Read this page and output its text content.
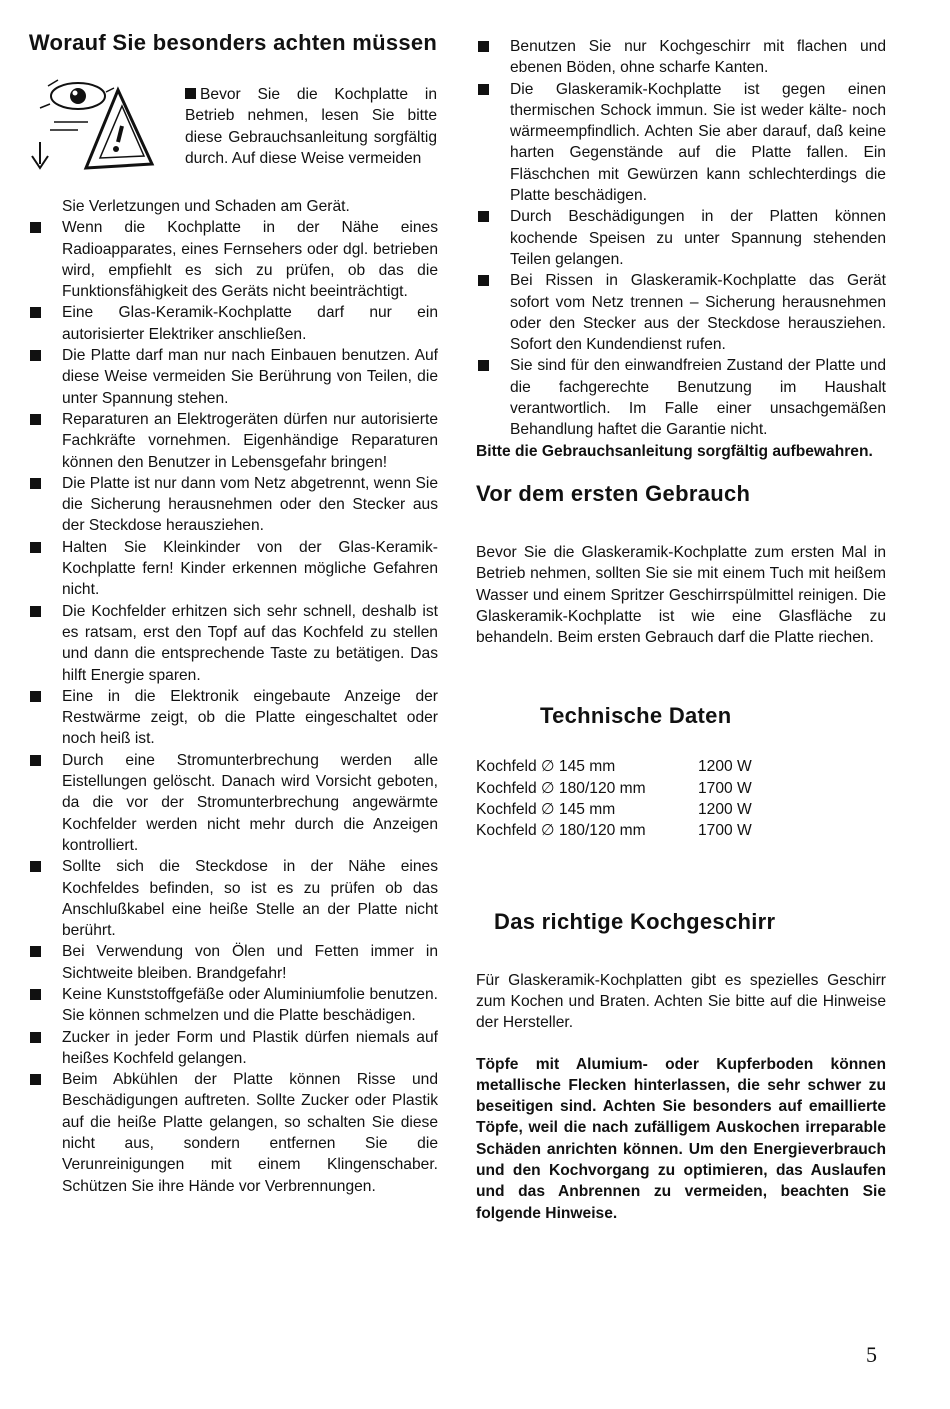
Worauf Sie besonders achten müssen
Bevor Sie die Kochplatte in Betrieb nehmen, lesen Sie bitte diese Gebrauchsanleitung sorgfältig durch. Auf diese Weise vermeiden
Sie Verletzungen und Schaden am Gerät.
Wenn die Kochplatte in der Nähe eines Radioapparates, eines Fernsehers oder dgl. betrieben wird, empfiehlt es sich zu prüfen, ob das die Funktionsfähigkeit des Geräts nicht beeinträchtigt.
Eine Glas-Keramik-Kochplatte darf nur ein autorisierter Elektriker anschließen.
Die Platte darf man nur nach Einbauen benutzen. Auf diese Weise vermeiden Sie Berührung von Teilen, die unter Spannung stehen.
Reparaturen an Elektrogeräten dürfen nur autorisierte Fachkräfte vornehmen. Eigenhändige Reparaturen können den Benutzer in Lebensgefahr bringen!
Die Platte ist nur dann vom Netz abgetrennt, wenn Sie die Sicherung herausnehmen oder den Stecker aus der Steckdose herausziehen.
Halten Sie Kleinkinder von der Glas-Keramik-Kochplatte fern! Kinder erkennen mögliche Gefahren nicht.
Die Kochfelder erhitzen sich sehr schnell, deshalb ist es ratsam, erst den Topf auf das Kochfeld zu stellen und dann die entsprechende Taste zu betätigen. Das hilft Energie sparen.
Eine in die Elektronik eingebaute Anzeige der Restwärme zeigt, ob die Platte eingeschaltet oder noch heiß ist.
Durch eine Stromunterbrechung werden alle Eistellungen gelöscht. Danach wird Vorsicht geboten, da die vor der Stromunterbrechung angewärmte Kochfelder werden nicht mehr durch die Anzeigen kontrolliert.
Sollte sich die Steckdose in der Nähe eines Kochfeldes befinden, so ist es zu prüfen ob das Anschlußkabel eine heiße Stelle an der Platte nicht berührt.
Bei Verwendung von Ölen und Fetten immer in Sichtweite bleiben. Brandgefahr!
Keine Kunststoffgefäße oder Aluminiumfolie benutzen. Sie können schmelzen und die Platte beschädigen.
Zucker in jeder Form und Plastik dürfen niemals auf heißes Kochfeld gelangen.
Beim Abkühlen der Platte können Risse und Beschädigungen auftreten. Sollte Zucker oder Plastik auf die heiße Platte gelangen, so schalten Sie diese nicht aus, sondern entfernen Sie die Verunreinigungen mit einem Klingenschaber. Schützen Sie ihre Hände vor Verbrennungen.
Benutzen Sie nur Kochgeschirr mit flachen und ebenen Böden, ohne scharfe Kanten.
Die Glaskeramik-Kochplatte ist gegen einen thermischen Schock immun. Sie ist weder kälte- noch wärmeempfindlich. Achten Sie aber darauf, daß keine harten Gegenstände auf die Platte fallen. Ein Fläschchen mit Gewürzen kann schlechterdings die Platte beschädigen.
Durch Beschädigungen in der Platten können kochende Speisen zu unter Spannung stehenden Teilen gelangen.
Bei Rissen in Glaskeramik-Kochplatte das Gerät sofort vom Netz trennen – Sicherung herausnehmen oder den Stecker aus der Steckdose herausziehen. Sofort den Kundendienst rufen.
Sie sind für den einwandfreien Zustand der Platte und die fachgerechte Benutzung im Haushalt verantwortlich. Im Falle einer unsachgemäßen Behandlung haftet die Garantie nicht.

Bitte die Gebrauchsanleitung sorgfältig aufbewahren.

Vor dem ersten Gebrauch

Bevor Sie die Glaskeramik-Kochplatte zum ersten Mal in Betrieb nehmen, sollten Sie sie mit einem Tuch mit heißem Wasser und einem Spritzer Geschirrspülmittel reinigen. Die Glaskeramik-Kochplatte ist wie eine Glasfläche zu behandeln. Beim ersten Gebrauch darf die Platte riechen.

Technische Daten
Kochfeld ∅ 145 mm	1200 W
Kochfeld ∅ 180/120 mm	1700 W
Kochfeld ∅ 145 mm	1200 W
Kochfeld ∅ 180/120 mm	1700 W
Das richtige Kochgeschirr

Für Glaskeramik-Kochplatten gibt es spezielles Geschirr zum Kochen und Braten. Achten Sie bitte auf die Hinweise der Hersteller.

Töpfe mit Alumium- oder Kupferboden können metallische Flecken hinterlassen, die sehr schwer zu beseitigen sind. Achten Sie besonders auf emaillierte Töpfe, weil die nach zufälligem Auskochen irreparable Schäden anrichten können. Um den Energieverbrauch und den Kochvorgang zu optimieren, das Auslaufen und das Anbrennen zu vermeiden, beachten Sie folgende Hinweise.

5
